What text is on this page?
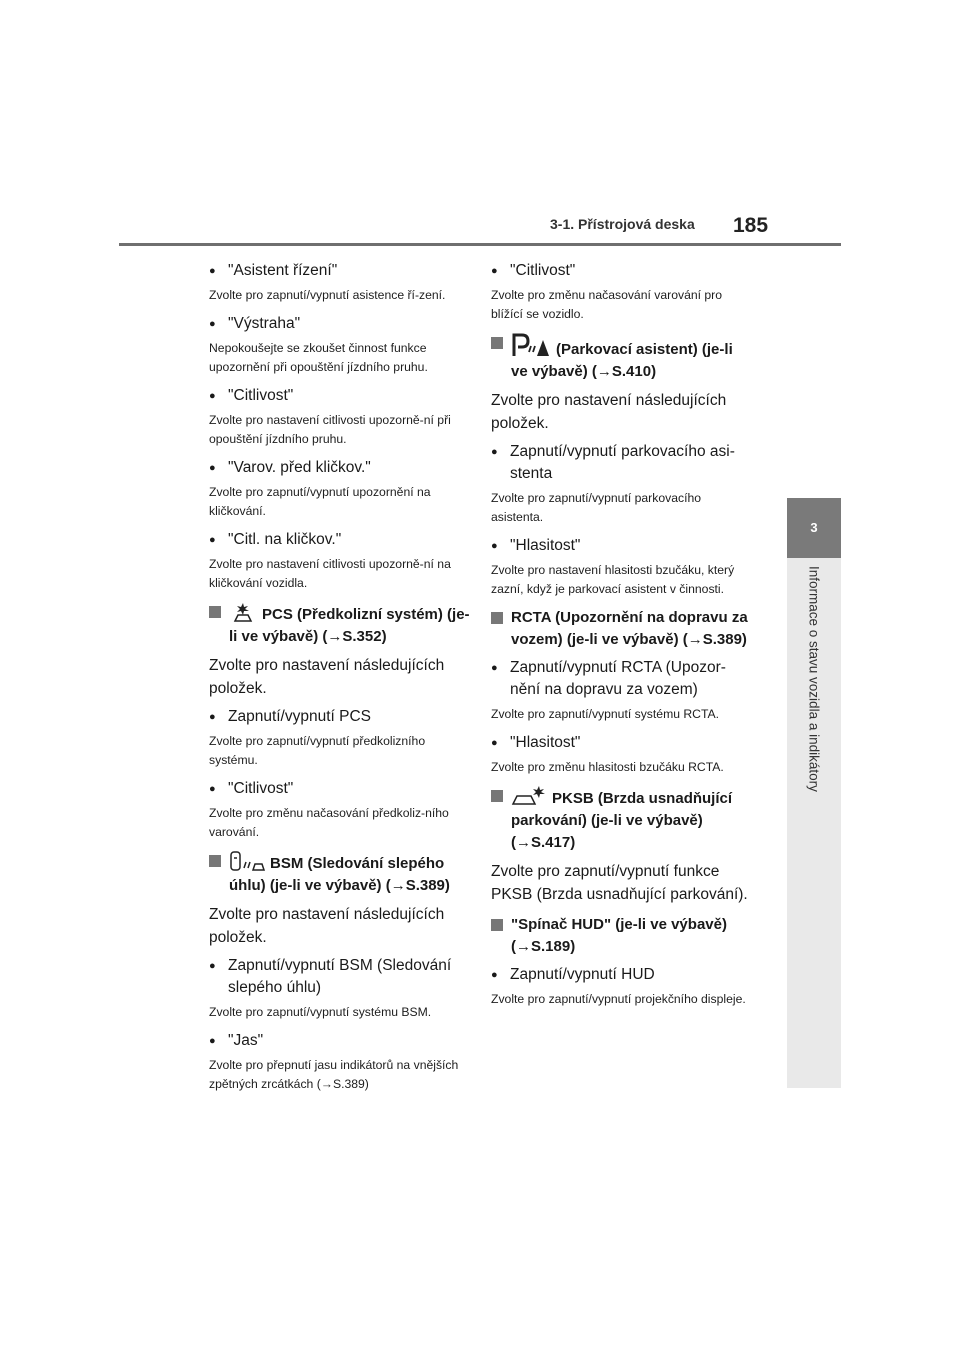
3-1. Přístrojová deska 185
3
Informace o stavu vozidla a indikátory
● "Asistent řízení"
Zvolte pro zapnutí/vypnutí asistence ří-zení.
● "Výstraha"
Nepokoušejte se zkoušet činnost funkce upozornění při opouštění jízdního pruhu.
● "Citlivost"
Zvolte pro nastavení citlivosti upozorně-ní při opouštění jízdního pruhu.
● "Varov. před kličkov."
Zvolte pro zapnutí/vypnutí upozornění na kličkování.
● "Citl. na kličkov."
Zvolte pro nastavení citlivosti upozorně-ní na kličkování vozidla.
PCS (Předkolizní systém) (je-li ve výbavě) (→S.352)
Zvolte pro nastavení následujících položek.
● Zapnutí/vypnutí PCS
Zvolte pro zapnutí/vypnutí předkolizního systému.
● "Citlivost"
Zvolte pro změnu načasování předkoliz-ního varování.
BSM (Sledování slepého úhlu) (je-li ve výbavě) (→S.389)
Zvolte pro nastavení následujících položek.
● Zapnutí/vypnutí BSM (Sledování slepého úhlu)
Zvolte pro zapnutí/vypnutí systému BSM.
● "Jas"
Zvolte pro přepnutí jasu indikátorů na vnějších zpětných zrcátkách (→S.389)
● "Citlivost"
Zvolte pro změnu načasování varování pro blížící se vozidlo.
(Parkovací asistent) (je-li ve výbavě) (→S.410)
Zvolte pro nastavení následujících položek.
● Zapnutí/vypnutí parkovacího asi-stenta
Zvolte pro zapnutí/vypnutí parkovacího asistenta.
● "Hlasitost"
Zvolte pro nastavení hlasitosti bzučáku, který zazní, když je parkovací asistent v činnosti.
RCTA (Upozornění na dopravu za vozem) (je-li ve výbavě) (→S.389)
● Zapnutí/vypnutí RCTA (Upozor-nění na dopravu za vozem)
Zvolte pro zapnutí/vypnutí systému RCTA.
● "Hlasitost"
Zvolte pro změnu hlasitosti bzučáku RCTA.
PKSB (Brzda usnadňující parkování) (je-li ve výbavě) (→S.417)
Zvolte pro zapnutí/vypnutí funkce PKSB (Brzda usnadňující parkování).
"Spínač HUD" (je-li ve výbavě) (→S.189)
● Zapnutí/vypnutí HUD
Zvolte pro zapnutí/vypnutí projekčního displeje.
